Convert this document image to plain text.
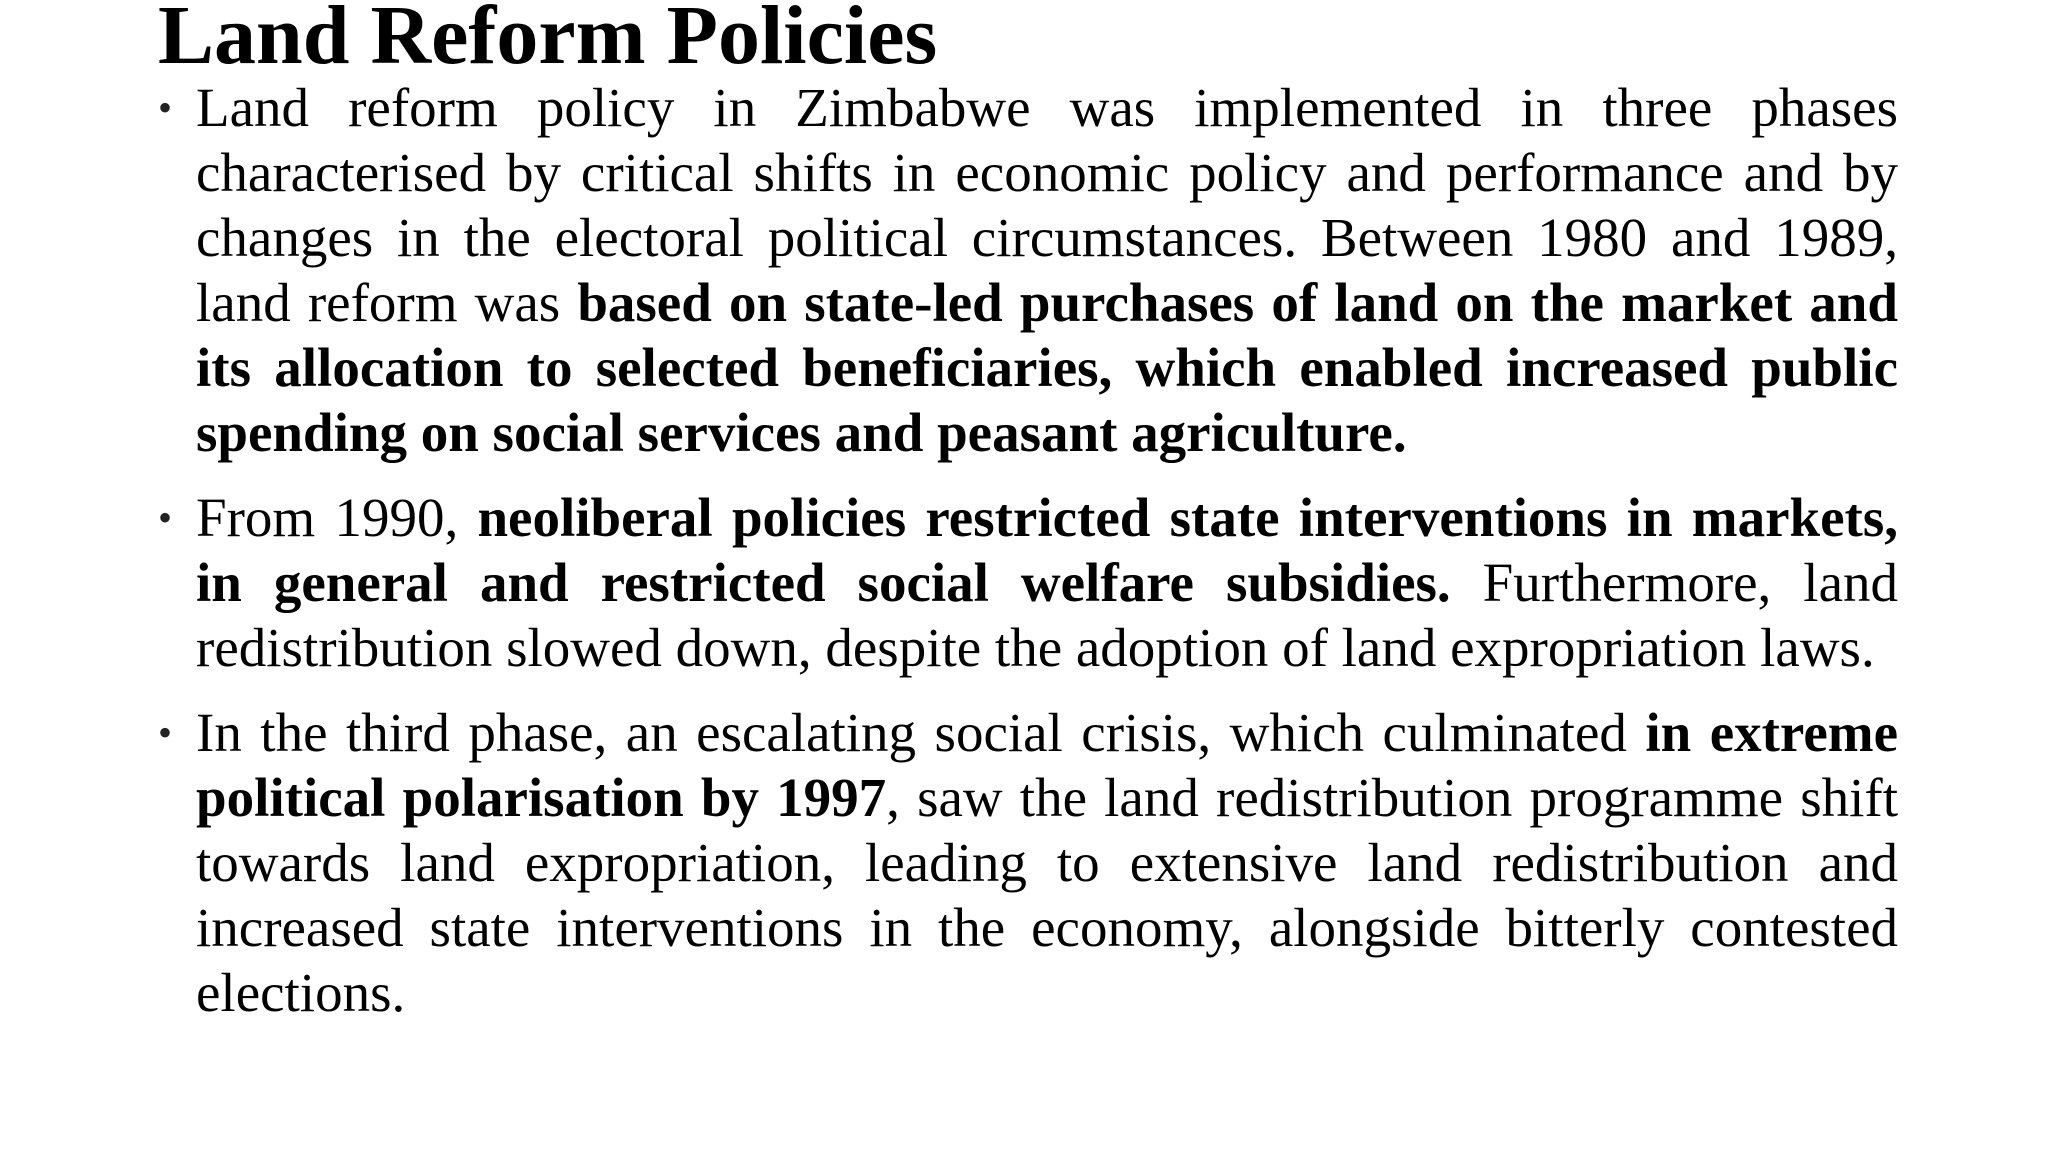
Land Reform Policies
• Land reform policy in Zimbabwe was implemented in three phases characterised by critical shifts in economic policy and performance and by changes in the electoral political circumstances. Between 1980 and 1989, land reform was based on state-led purchases of land on the market and its allocation to selected beneficiaries, which enabled increased public spending on social services and peasant agriculture.
• From 1990, neoliberal policies restricted state interventions in markets, in general and restricted social welfare subsidies. Furthermore, land redistribution slowed down, despite the adoption of land expropriation laws.
• In the third phase, an escalating social crisis, which culminated in extreme political polarisation by 1997, saw the land redistribution programme shift towards land expropriation, leading to extensive land redistribution and increased state interventions in the economy, alongside bitterly contested elections.
